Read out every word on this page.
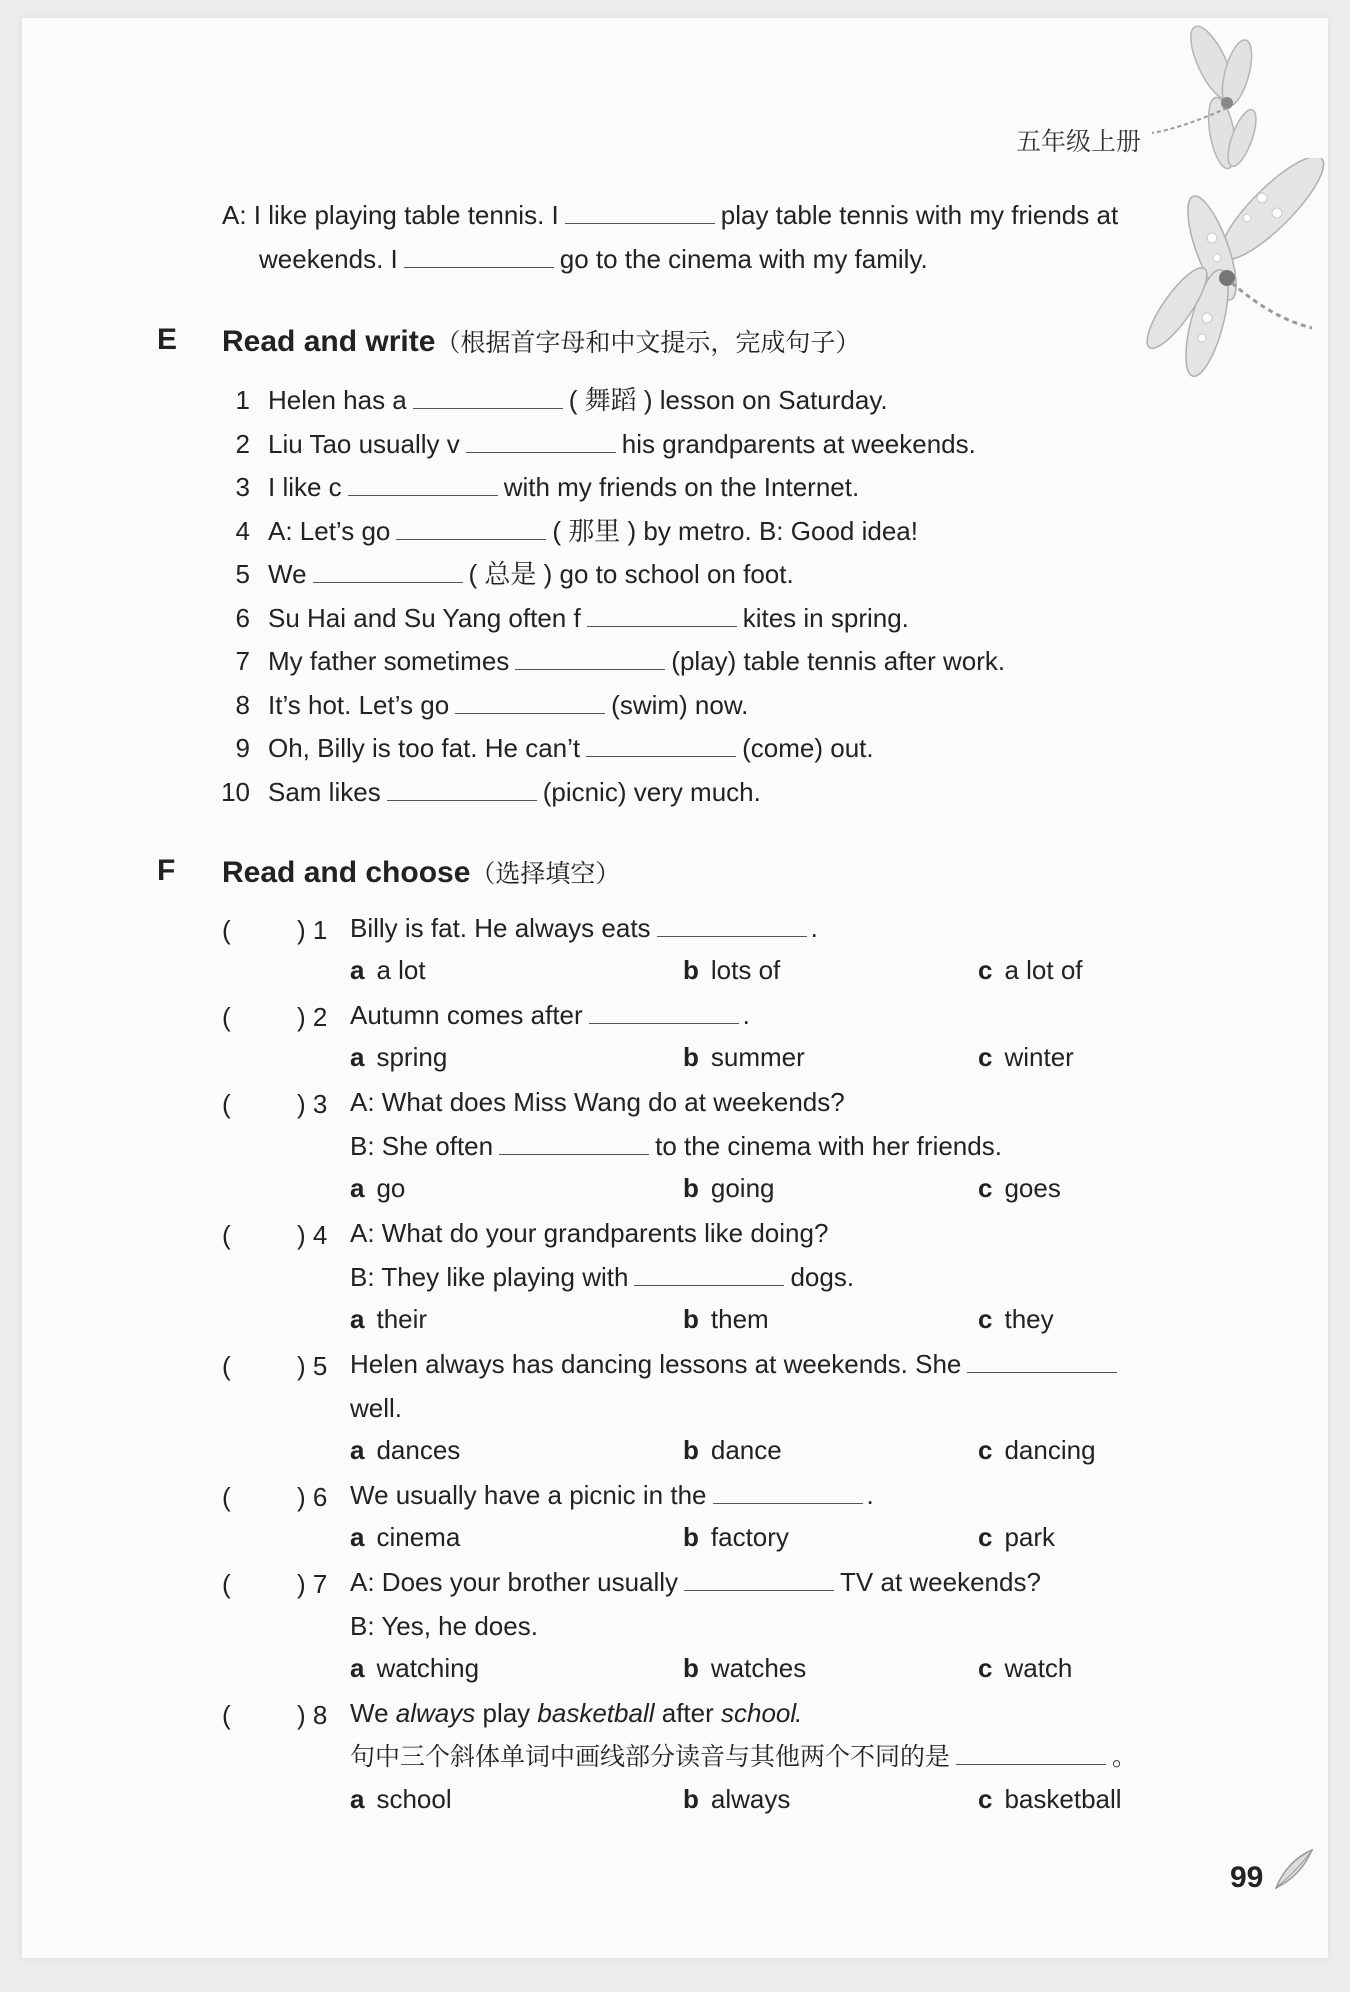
五年级上册
A: I like playing table tennis. I	play table tennis with my friends at
weekends. I	go to the cinema with my family.
E Read and write（根据首字母和中文提示，完成句子）
1 Helen has a	( 舞蹈 ) lesson on Saturday.
2 Liu Tao usually v	his grandparents at weekends.
3 I like c	with my friends on the Internet.
4 A: Let’s go	( 那里 ) by metro. B: Good idea!
5 We	( 总是 ) go to school on foot.
6 Su Hai and Su Yang often f	kites in spring.
7 My father sometimes	(play) table tennis after work.
8 It’s hot. Let’s go	(swim) now.
9 Oh, Billy is too fat. He can’t	(come) out.
10 Sam likes	(picnic) very much.
F Read and choose（选择填空）
(	) 1 Billy is fat. He always eats	.
a a lot	b lots of	c a lot of
(	) 2 Autumn comes after	.
a spring	b summer	c winter
(	) 3 A: What does Miss Wang do at weekends?
B: She often	to the cinema with her friends.
a go	b going	c goes
(	) 4 A: What do your grandparents like doing?
B: They like playing with	dogs.
a their	b them	c they
(	) 5 Helen always has dancing lessons at weekends. She
well.
a dances	b dance	c dancing
(	) 6 We usually have a picnic in the	.
a cinema	b factory	c park
(	) 7 A: Does your brother usually	TV at weekends?
B: Yes, he does.
a watching	b watches	c watch
(	) 8 We always play basketball after school.
句中三个斜体单词中画线部分读音与其他两个不同的是	。
a school	b always	c basketball
99
